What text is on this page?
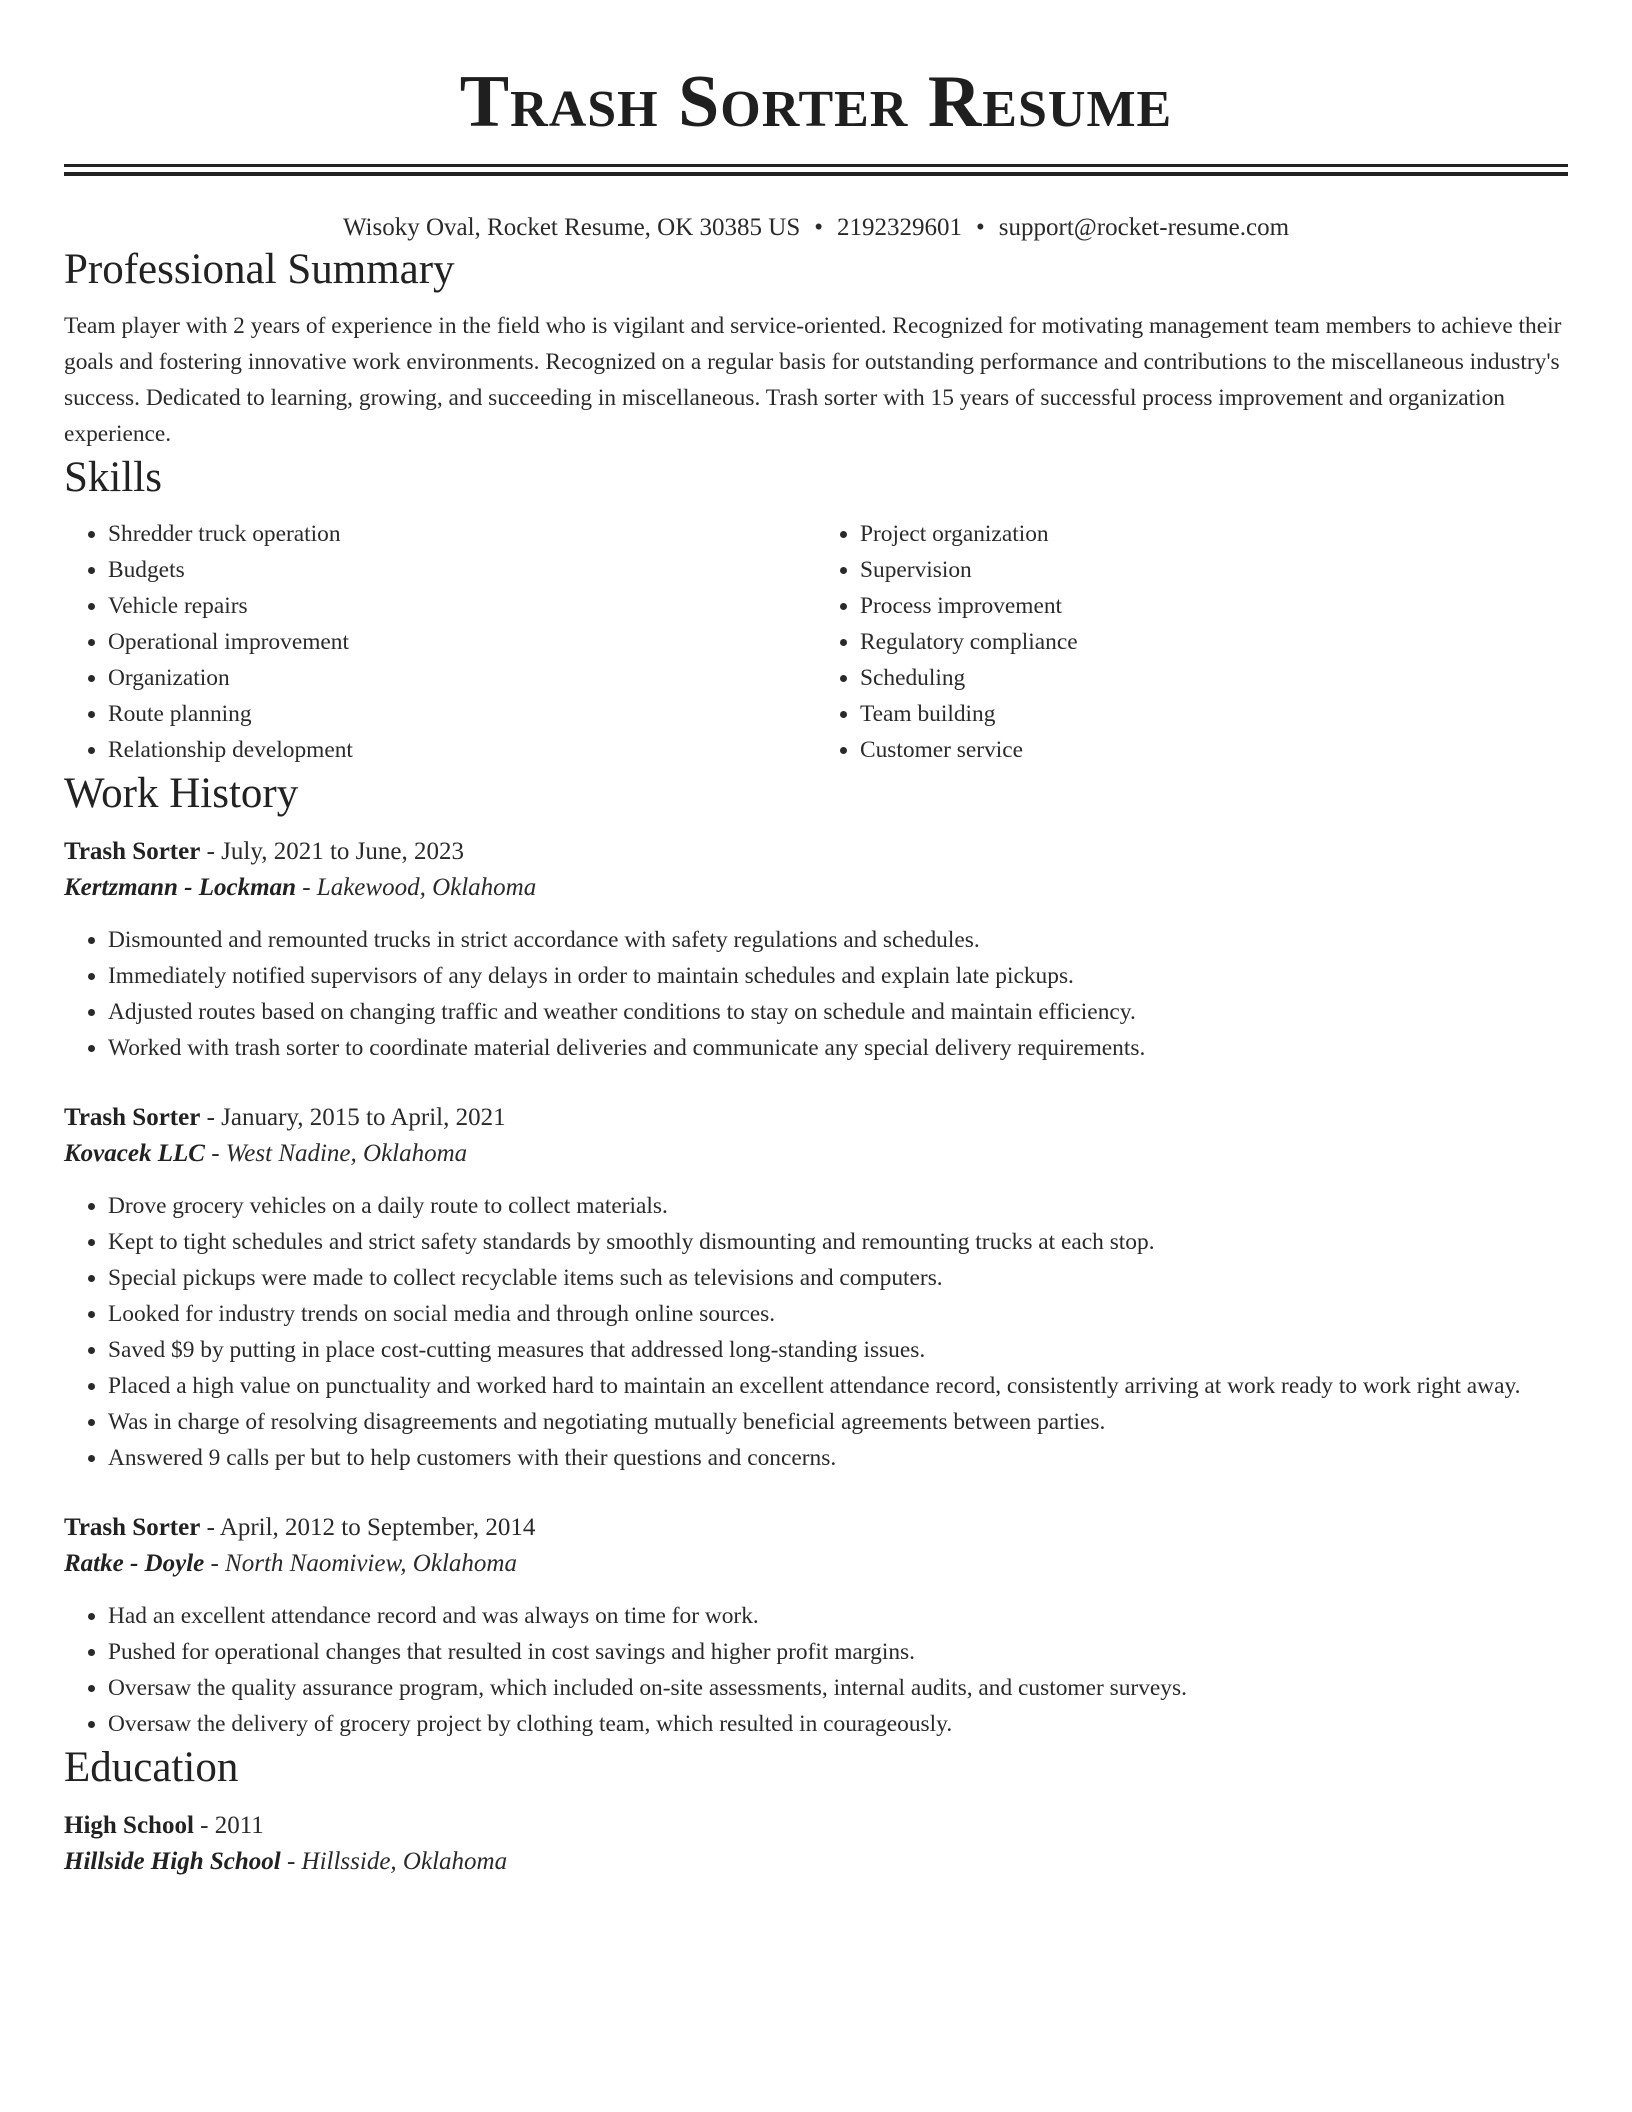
Trash Sorter Resume
Wisoky Oval, Rocket Resume, OK 30385 US • 2192329601 • support@rocket-resume.com
Professional Summary

Team player with 2 years of experience in the field who is vigilant and service-oriented. Recognized for motivating management team members to achieve their goals and fostering innovative work environments. Recognized on a regular basis for outstanding performance and contributions to the miscellaneous industry's success. Dedicated to learning, growing, and succeeding in miscellaneous. Trash sorter with 15 years of successful process improvement and organization experience.

Skills
• Shredder truck operation
• Budgets
• Vehicle repairs
• Operational improvement
• Organization
• Route planning
• Relationship development
• Project organization
• Supervision
• Process improvement
• Regulatory compliance
• Scheduling
• Team building
• Customer service
Work History
Trash Sorter - July, 2021 to June, 2023
Kertzmann - Lockman - Lakewood, Oklahoma
• Dismounted and remounted trucks in strict accordance with safety regulations and schedules.
• Immediately notified supervisors of any delays in order to maintain schedules and explain late pickups.
• Adjusted routes based on changing traffic and weather conditions to stay on schedule and maintain efficiency.
• Worked with trash sorter to coordinate material deliveries and communicate any special delivery requirements.
Trash Sorter - January, 2015 to April, 2021
Kovacek LLC - West Nadine, Oklahoma
• Drove grocery vehicles on a daily route to collect materials.
• Kept to tight schedules and strict safety standards by smoothly dismounting and remounting trucks at each stop.
• Special pickups were made to collect recyclable items such as televisions and computers.
• Looked for industry trends on social media and through online sources.
• Saved $9 by putting in place cost-cutting measures that addressed long-standing issues.
• Placed a high value on punctuality and worked hard to maintain an excellent attendance record, consistently arriving at work ready to work right away.
• Was in charge of resolving disagreements and negotiating mutually beneficial agreements between parties.
• Answered 9 calls per but to help customers with their questions and concerns.
Trash Sorter - April, 2012 to September, 2014
Ratke - Doyle - North Naomiview, Oklahoma
• Had an excellent attendance record and was always on time for work.
• Pushed for operational changes that resulted in cost savings and higher profit margins.
• Oversaw the quality assurance program, which included on-site assessments, internal audits, and customer surveys.
• Oversaw the delivery of grocery project by clothing team, which resulted in courageously.
Education
High School - 2011
Hillside High School - Hillsside, Oklahoma
